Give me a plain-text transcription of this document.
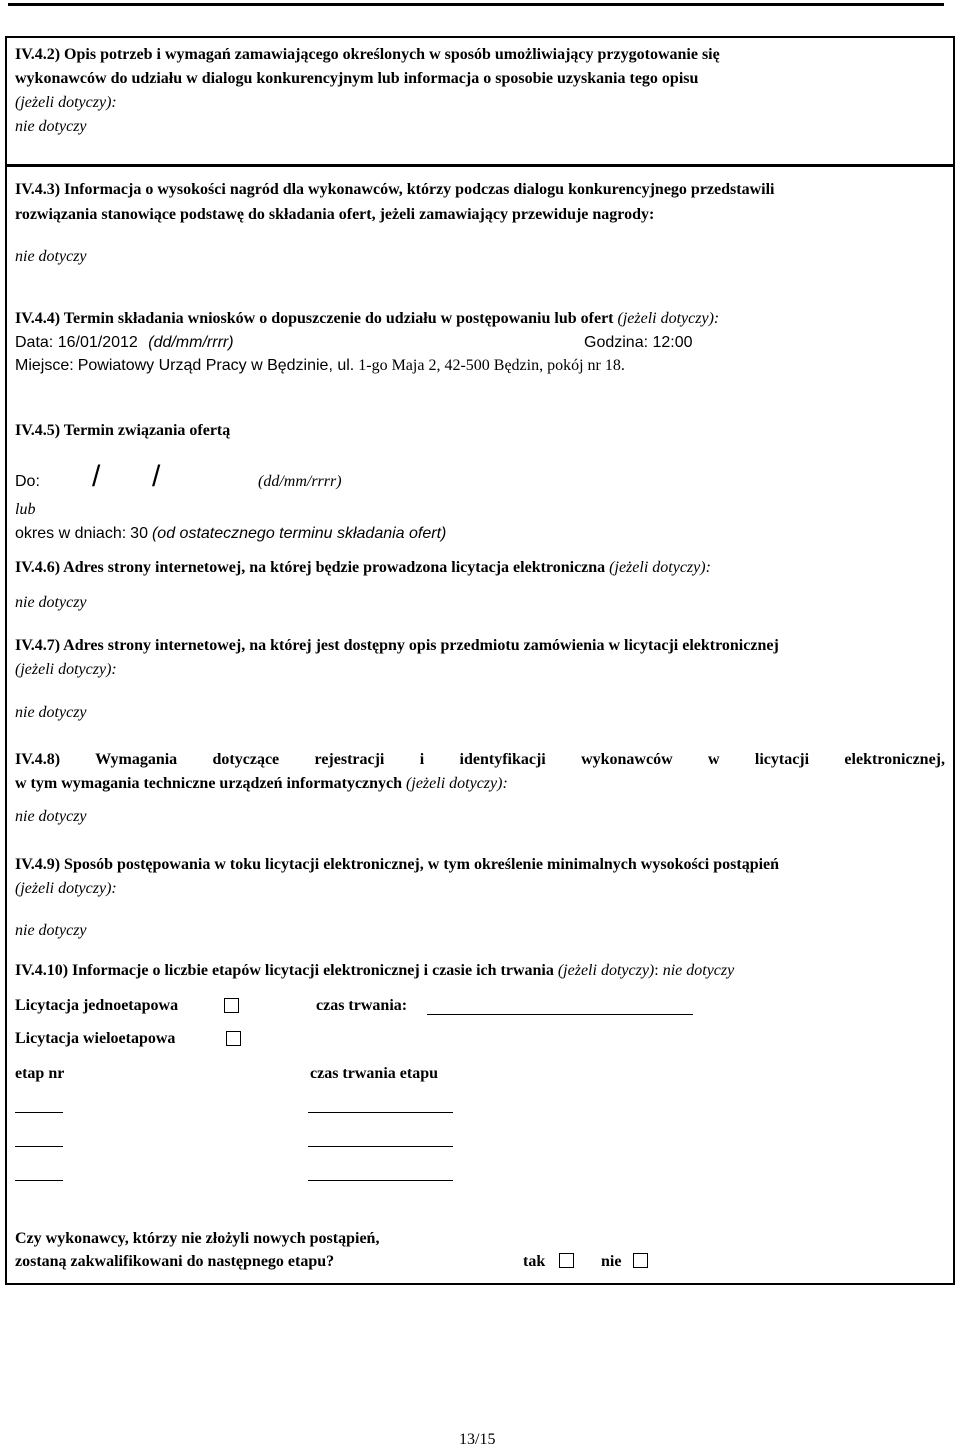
IV.4.2) Opis potrzeb i wymagań zamawiającego określonych w sposób umożliwiający przygotowanie się
wykonawców do udziału w dialogu konkurencyjnym lub informacja o sposobie uzyskania tego opisu
(jeżeli dotyczy):
nie dotyczy
IV.4.3) Informacja o wysokości nagród dla wykonawców, którzy podczas dialogu konkurencyjnego przedstawili
rozwiązania stanowiące podstawę do składania ofert, jeżeli zamawiający przewiduje nagrody:
nie dotyczy
IV.4.4) Termin składania wniosków o dopuszczenie do udziału w postępowaniu lub ofert (jeżeli dotyczy):
Data: 16/01/2012 (dd/mm/rrrr)	Godzina: 12:00
Miejsce: Powiatowy Urząd Pracy w Będzinie, ul. 1-go Maja 2, 42-500 Będzin, pokój nr 18.
IV.4.5) Termin związania ofertą
Do: / /	(dd/mm/rrrr)
lub
okres w dniach: 30 (od ostatecznego terminu składania ofert)
IV.4.6) Adres strony internetowej, na której będzie prowadzona licytacja elektroniczna (jeżeli dotyczy):
nie dotyczy
IV.4.7) Adres strony internetowej, na której jest dostępny opis przedmiotu zamówienia w licytacji elektronicznej
(jeżeli dotyczy):
nie dotyczy
IV.4.8) Wymagania dotyczące rejestracji i identyfikacji wykonawców w licytacji elektronicznej,
w tym wymagania techniczne urządzeń informatycznych (jeżeli dotyczy):
nie dotyczy
IV.4.9) Sposób postępowania w toku licytacji elektronicznej, w tym określenie minimalnych wysokości postąpień
(jeżeli dotyczy):
nie dotyczy
IV.4.10) Informacje o liczbie etapów licytacji elektronicznej i czasie ich trwania (jeżeli dotyczy): nie dotyczy
Licytacja jednoetapowa	czas trwania:
Licytacja wieloetapowa
etap nr	czas trwania etapu
Czy wykonawcy, którzy nie złożyli nowych postąpień,
zostaną zakwalifikowani do następnego etapu?	tak	nie
13/15
